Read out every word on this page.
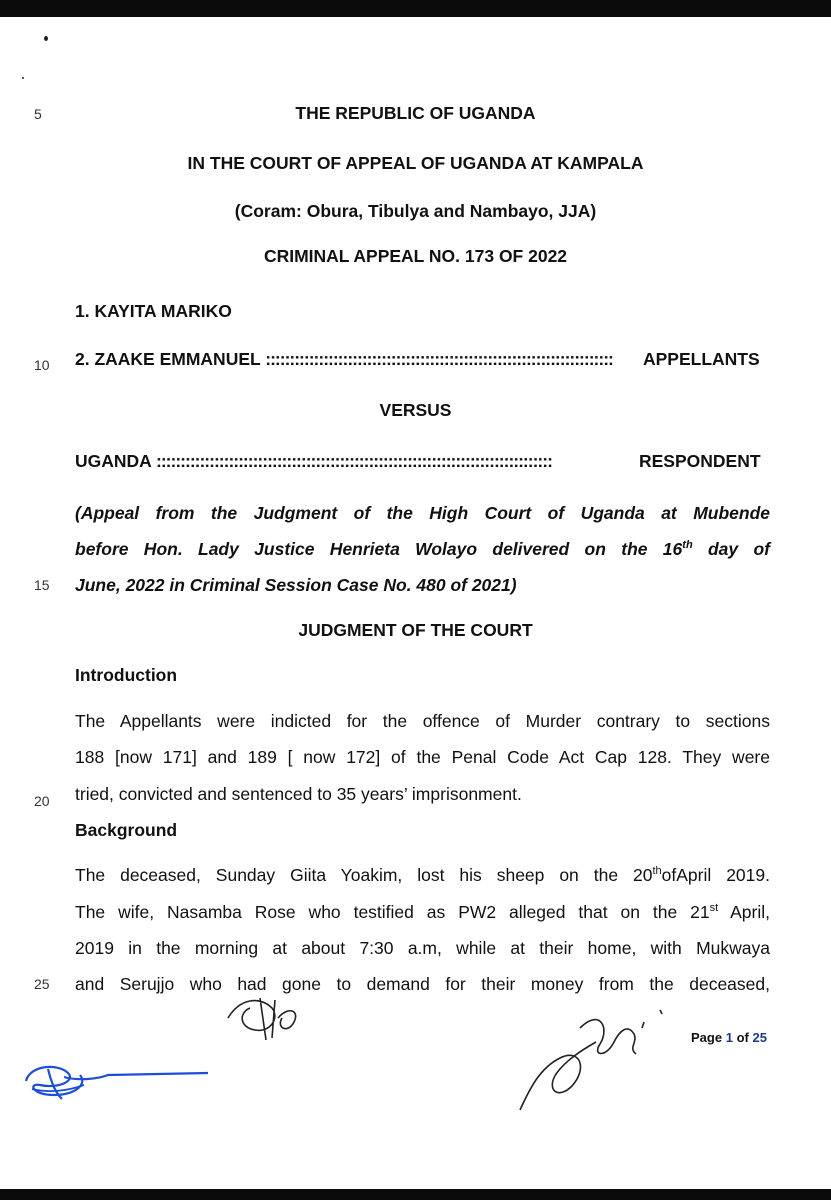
5
10
15
20
25
THE REPUBLIC OF UGANDA
IN THE COURT OF APPEAL OF UGANDA AT KAMPALA
(Coram: Obura, Tibulya and Nambayo, JJA)
CRIMINAL APPEAL NO. 173 OF 2022
1. KAYITA MARIKO
2. ZAAKE EMMANUEL :::::::::::::::::::::::::::::::::::::::::::::::::::::::::::::::::::::::: APPELLANTS
VERSUS
UGANDA ::::::::::::::::::::::::::::::::::::::::::::::::::::::::::::::::::::::::::::::::::	RESPONDENT
(Appeal from the Judgment of the High Court of Uganda at Mubende
before Hon. Lady Justice Henrieta Wolayo delivered on the 16th day of
June, 2022 in Criminal Session Case No. 480 of 2021)
JUDGMENT OF THE COURT
Introduction
The Appellants were indicted for the offence of Murder contrary to sections
188 [now 171] and 189 [ now 172] of the Penal Code Act Cap 128. They were
tried, convicted and sentenced to 35 years’ imprisonment.
Background
The deceased, Sunday Giita Yoakim, lost his sheep on the 20thofApril 2019.
The wife, Nasamba Rose who testified as PW2 alleged that on the 21st April,
2019 in the morning at about 7:30 a.m, while at their home, with Mukwaya
and Serujjo who had gone to demand for their money from the deceased,
Page 1 of 25
